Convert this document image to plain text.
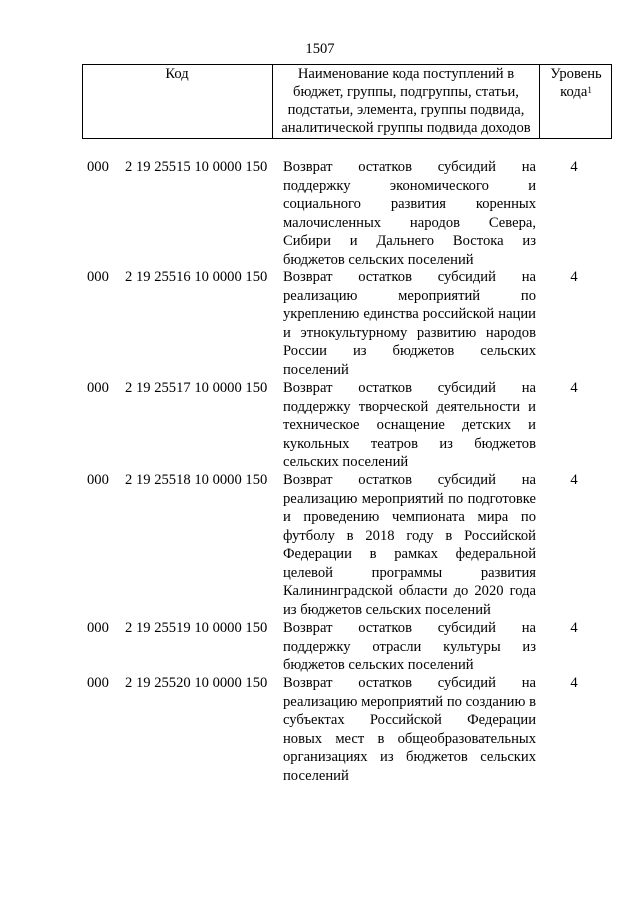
1507
Код	Наименование кода поступлений в
бюджет, группы, подгруппы, статьи,
подстатьи, элемента, группы подвида,
аналитической группы подвида доходов
Уровень
кода$^1$
000 2 19 25515 10 0000 150 Возврат остатков субсидий на
поддержку экономического и
социального развития коренных
малочисленных народов Севера,
Сибири и Дальнего Востока из
бюджетов сельских поселений
4
000 2 19 25516 10 0000 150 Возврат остатков субсидий на
реализацию мероприятий по
укреплению единства российской нации
и этнокультурному развитию народов
России из бюджетов сельских
поселений
4
000 2 19 25517 10 0000 150 Возврат остатков субсидий на
поддержку творческой деятельности и
техническое оснащение детских и
кукольных театров из бюджетов
сельских поселений
4
000 2 19 25518 10 0000 150 Возврат остатков субсидий на
реализацию мероприятий по подготовке
и проведению чемпионата мира по
футболу в 2018 году в Российской
Федерации в рамках федеральной
целевой программы развития
Калининградской области до 2020 года
из бюджетов сельских поселений
4
000 2 19 25519 10 0000 150 Возврат остатков субсидий на
поддержку отрасли культуры из
бюджетов сельских поселений
4
000 2 19 25520 10 0000 150 Возврат остатков субсидий на
реализацию мероприятий по созданию в
субъектах Российской Федерации
новых мест в общеобразовательных
организациях из бюджетов сельских
поселений
4
